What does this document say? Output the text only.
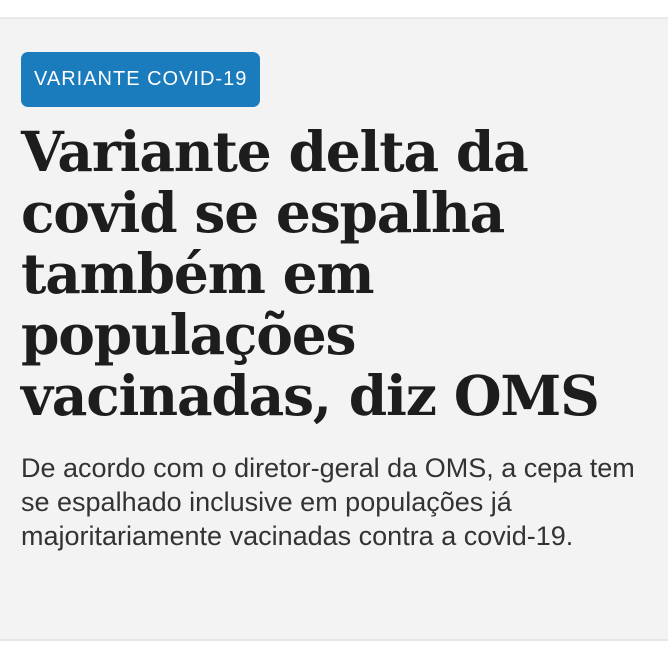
VARIANTE COVID-19
Variante delta da covid se espalha também em populações vacinadas, diz OMS

De acordo com o diretor-geral da OMS, a cepa tem se espalhado inclusive em populações já majoritariamente vacinadas contra a covid-19.
